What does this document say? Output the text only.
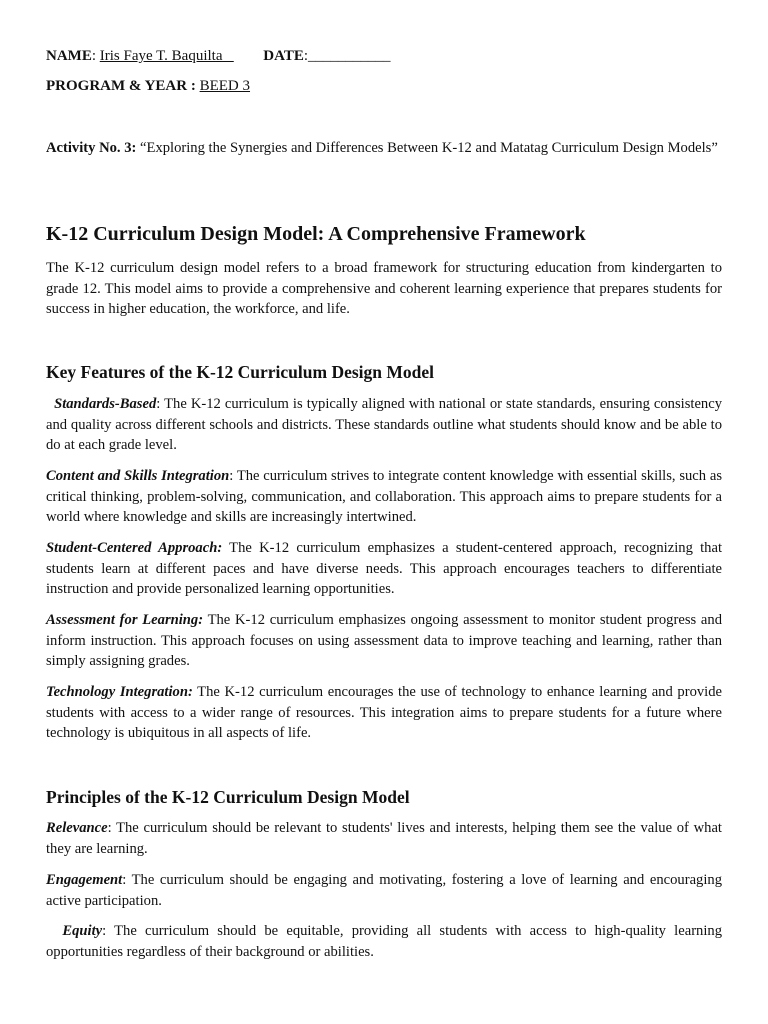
NAME: Iris Faye T. Baquilta	DATE:___________
PROGRAM & YEAR : BEED 3

Activity No. 3: “Exploring the Synergies and Differences Between K-12 and Matatag Curriculum Design Models”

K-12 Curriculum Design Model: A Comprehensive Framework

The K-12 curriculum design model refers to a broad framework for structuring education from kindergarten to grade 12. This model aims to provide a comprehensive and coherent learning experience that prepares students for success in higher education, the workforce, and life.

Key Features of the K-12 Curriculum Design Model

Standards-Based: The K-12 curriculum is typically aligned with national or state standards, ensuring consistency and quality across different schools and districts. These standards outline what students should know and be able to do at each grade level.

Content and Skills Integration: The curriculum strives to integrate content knowledge with essential skills, such as critical thinking, problem-solving, communication, and collaboration. This approach aims to prepare students for a world where knowledge and skills are increasingly intertwined.

Student-Centered Approach: The K-12 curriculum emphasizes a student-centered approach, recognizing that students learn at different paces and have diverse needs. This approach encourages teachers to differentiate instruction and provide personalized learning opportunities.

Assessment for Learning: The K-12 curriculum emphasizes ongoing assessment to monitor student progress and inform instruction. This approach focuses on using assessment data to improve teaching and learning, rather than simply assigning grades.

Technology Integration: The K-12 curriculum encourages the use of technology to enhance learning and provide students with access to a wider range of resources. This integration aims to prepare students for a future where technology is ubiquitous in all aspects of life.

Principles of the K-12 Curriculum Design Model

Relevance: The curriculum should be relevant to students' lives and interests, helping them see the value of what they are learning.

Engagement: The curriculum should be engaging and motivating, fostering a love of learning and encouraging active participation.

Equity: The curriculum should be equitable, providing all students with access to high-quality learning opportunities regardless of their background or abilities.
